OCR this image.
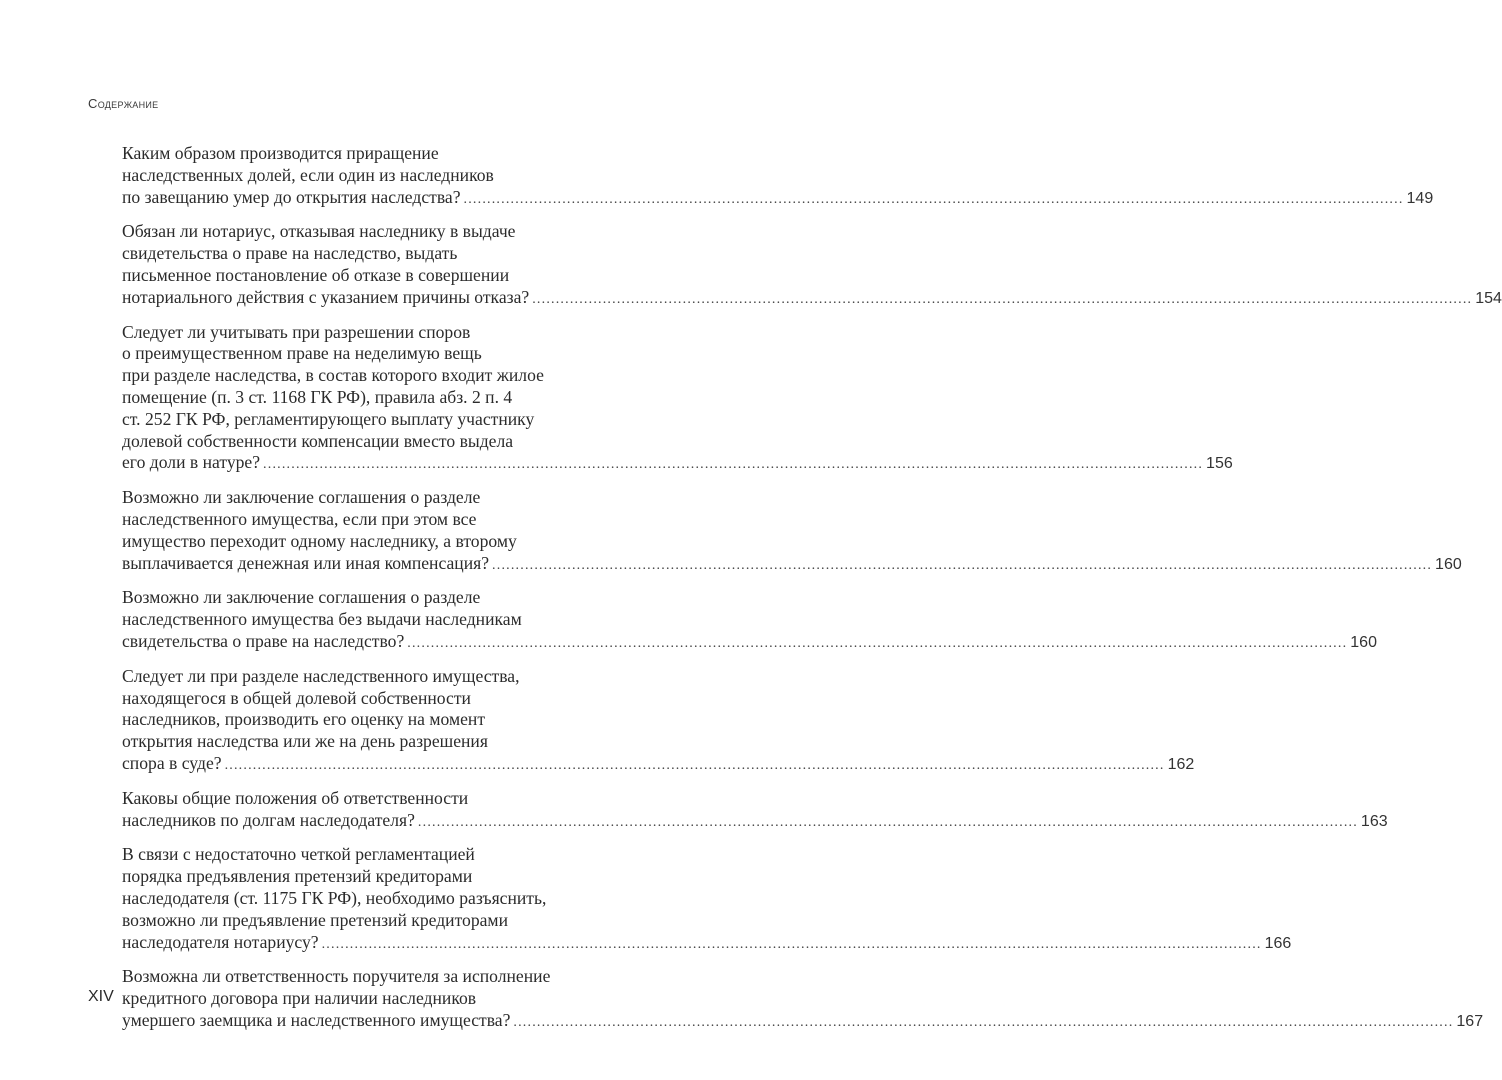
Содержание
Каким образом производится приращение
наследственных долей, если один из наследников
по завещанию умер до открытия наследства? ........................................................................................................................................................................................................ 149
Обязан ли нотариус, отказывая наследнику в выдаче
свидетельства о праве на наследство, выдать
письменное постановление об отказе в совершении
нотариального действия с указанием причины отказа? ........................................................................................................................................................................................................ 154
Следует ли учитывать при разрешении споров
о преимущественном праве на неделимую вещь
при разделе наследства, в состав которого входит жилое
помещение (п. 3 ст. 1168 ГК РФ), правила абз. 2 п. 4
ст. 252 ГК РФ, регламентирующего выплату участнику
долевой собственности компенсации вместо выдела
его доли в натуре? ........................................................................................................................................................................................................ 156
Возможно ли заключение соглашения о разделе
наследственного имущества, если при этом все
имущество переходит одному наследнику, а второму
выплачивается денежная или иная компенсация? ........................................................................................................................................................................................................ 160
Возможно ли заключение соглашения о разделе
наследственного имущества без выдачи наследникам
свидетельства о праве на наследство? ........................................................................................................................................................................................................ 160
Следует ли при разделе наследственного имущества,
находящегося в общей долевой собственности
наследников, производить его оценку на момент
открытия наследства или же на день разрешения
спора в суде? ........................................................................................................................................................................................................ 162
Каковы общие положения об ответственности
наследников по долгам наследодателя? ........................................................................................................................................................................................................ 163
В связи с недостаточно четкой регламентацией
порядка предъявления претензий кредиторами
наследодателя (ст. 1175 ГК РФ), необходимо разъяснить,
возможно ли предъявление претензий кредиторами
наследодателя нотариусу? ........................................................................................................................................................................................................ 166
Возможна ли ответственность поручителя за исполнение
кредитного договора при наличии наследников
умершего заемщика и наследственного имущества? ........................................................................................................................................................................................................ 167
XIV
